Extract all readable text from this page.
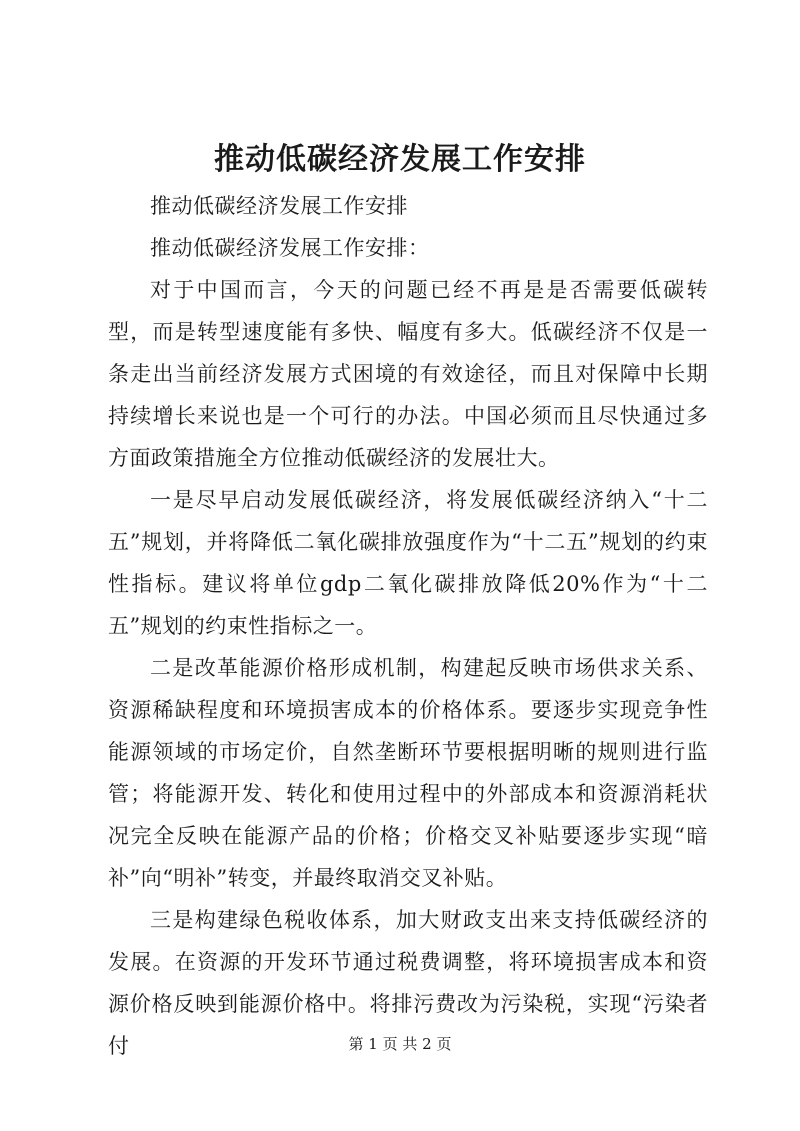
推动低碳经济发展工作安排

推动低碳经济发展工作安排

推动低碳经济发展工作安排：

对于中国而言，今天的问题已经不再是是否需要低碳转型，而是转型速度能有多快、幅度有多大。低碳经济不仅是一条走出当前经济发展方式困境的有效途径，而且对保障中长期持续增长来说也是一个可行的办法。中国必须而且尽快通过多方面政策措施全方位推动低碳经济的发展壮大。

一是尽早启动发展低碳经济，将发展低碳经济纳入“十二五”规划，并将降低二氧化碳排放强度作为“十二五”规划的约束性指标。建议将单位gdp二氧化碳排放降低20%作为“十二五”规划的约束性指标之一。

二是改革能源价格形成机制，构建起反映市场供求关系、资源稀缺程度和环境损害成本的价格体系。要逐步实现竞争性能源领域的市场定价，自然垄断环节要根据明晰的规则进行监管；将能源开发、转化和使用过程中的外部成本和资源消耗状况完全反映在能源产品的价格；价格交叉补贴要逐步实现“暗补”向“明补”转变，并最终取消交叉补贴。

三是构建绿色税收体系，加大财政支出来支持低碳经济的发展。在资源的开发环节通过税费调整，将环境损害成本和资源价格反映到能源价格中。将排污费改为污染税，实现“污染者付	第 1 页 共 2 页
